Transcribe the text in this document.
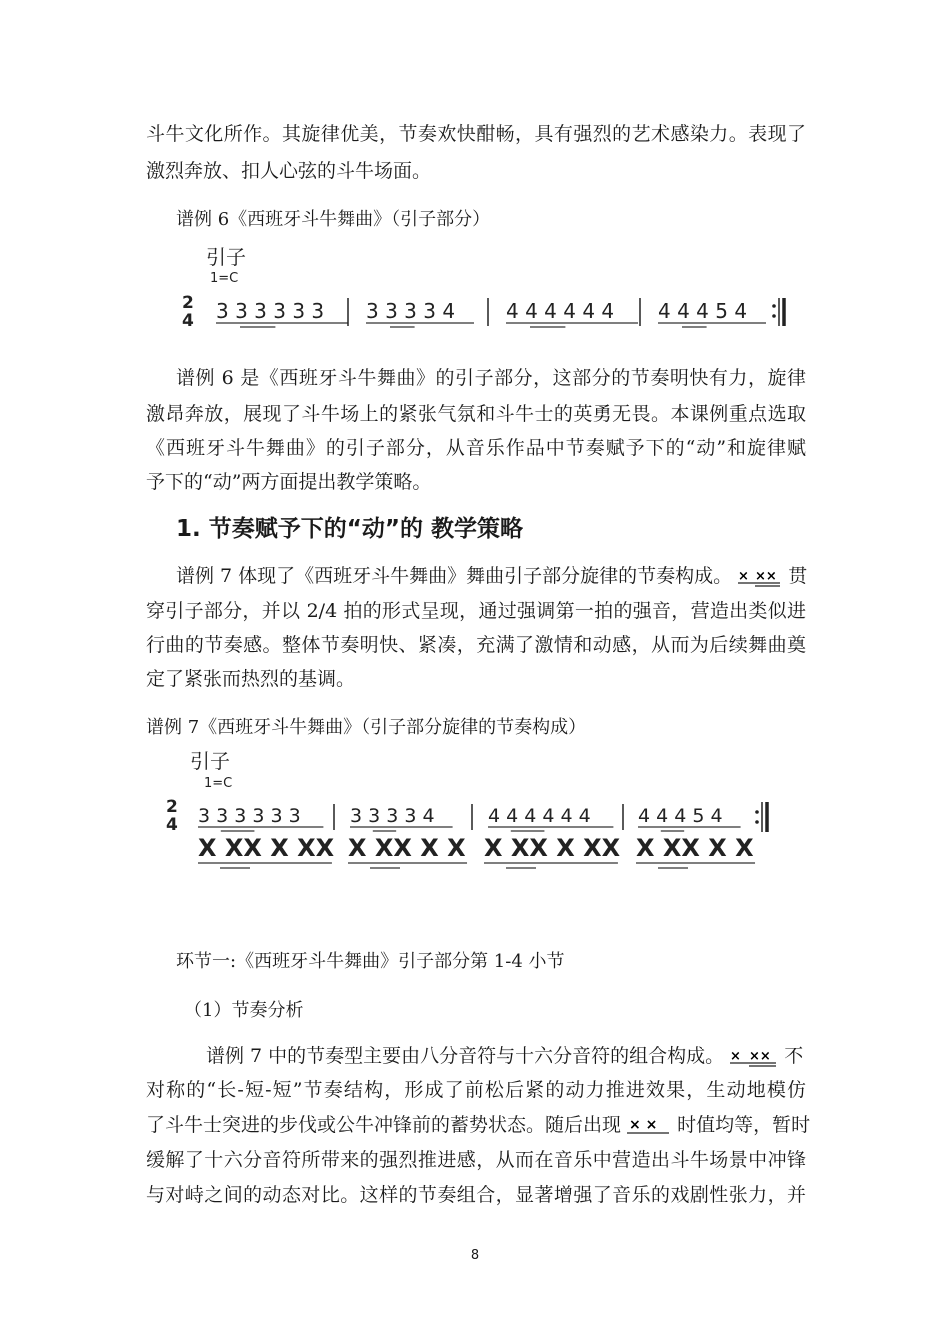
斗牛文化所作。其旋律优美，节奏欢快酣畅，具有强烈的艺术感染力。表现了
激烈奔放、扣人心弦的斗牛场面。
谱例 6《西班牙斗牛舞曲》（引子部分）
引子
1=C
2
4 3 3 3 3 3 3 3 3 3 3 4	4 4 4 4 4 4 4 4 4 5 4
谱例 6 是《西班牙斗牛舞曲》的引子部分，这部分的节奏明快有力，旋律
激昂奔放，展现了斗牛场上的紧张气氛和斗牛士的英勇无畏。本课例重点选取
《西班牙斗牛舞曲》的引子部分，从音乐作品中节奏赋予下的“动”和旋律赋
予下的“动”两方面提出教学策略。
1. 节奏赋予下的“动”的 教学策略
谱例 7 体现了《西班牙斗牛舞曲》舞曲引子部分旋律的节奏构成。 × ×× 贯
穿引子部分，并以 2/4 拍的形式呈现，通过强调第一拍的强音，营造出类似进
行曲的节奏感。整体节奏明快、紧凑，充满了激情和动感，从而为后续舞曲奠
定了紧张而热烈的基调。
谱例 7《西班牙斗牛舞曲》（引子部分旋律的节奏构成）
引子
1=C
2
4 3 3 3 3 3 3	3 3 3 3 4	4 4 4 4 4 4 4 4 4 5 4
X XX X XX X XX X X X XX X XX X XX X X
环节一:《西班牙斗牛舞曲》引子部分第 1-4 小节
（1）节奏分析
谱例 7 中的节奏型主要由八分音符与十六分音符的组合构成。 × ×× 不
对称的“长-短-短”节奏结构，形成了前松后紧的动力推进效果，生动地模仿
了斗牛士突进的步伐或公牛冲锋前的蓄势状态。随后出现 × × 时值均等，暂时
缓解了十六分音符所带来的强烈推进感，从而在音乐中营造出斗牛场景中冲锋
与对峙之间的动态对比。这样的节奏组合，显著增强了音乐的戏剧性张力，并
8
